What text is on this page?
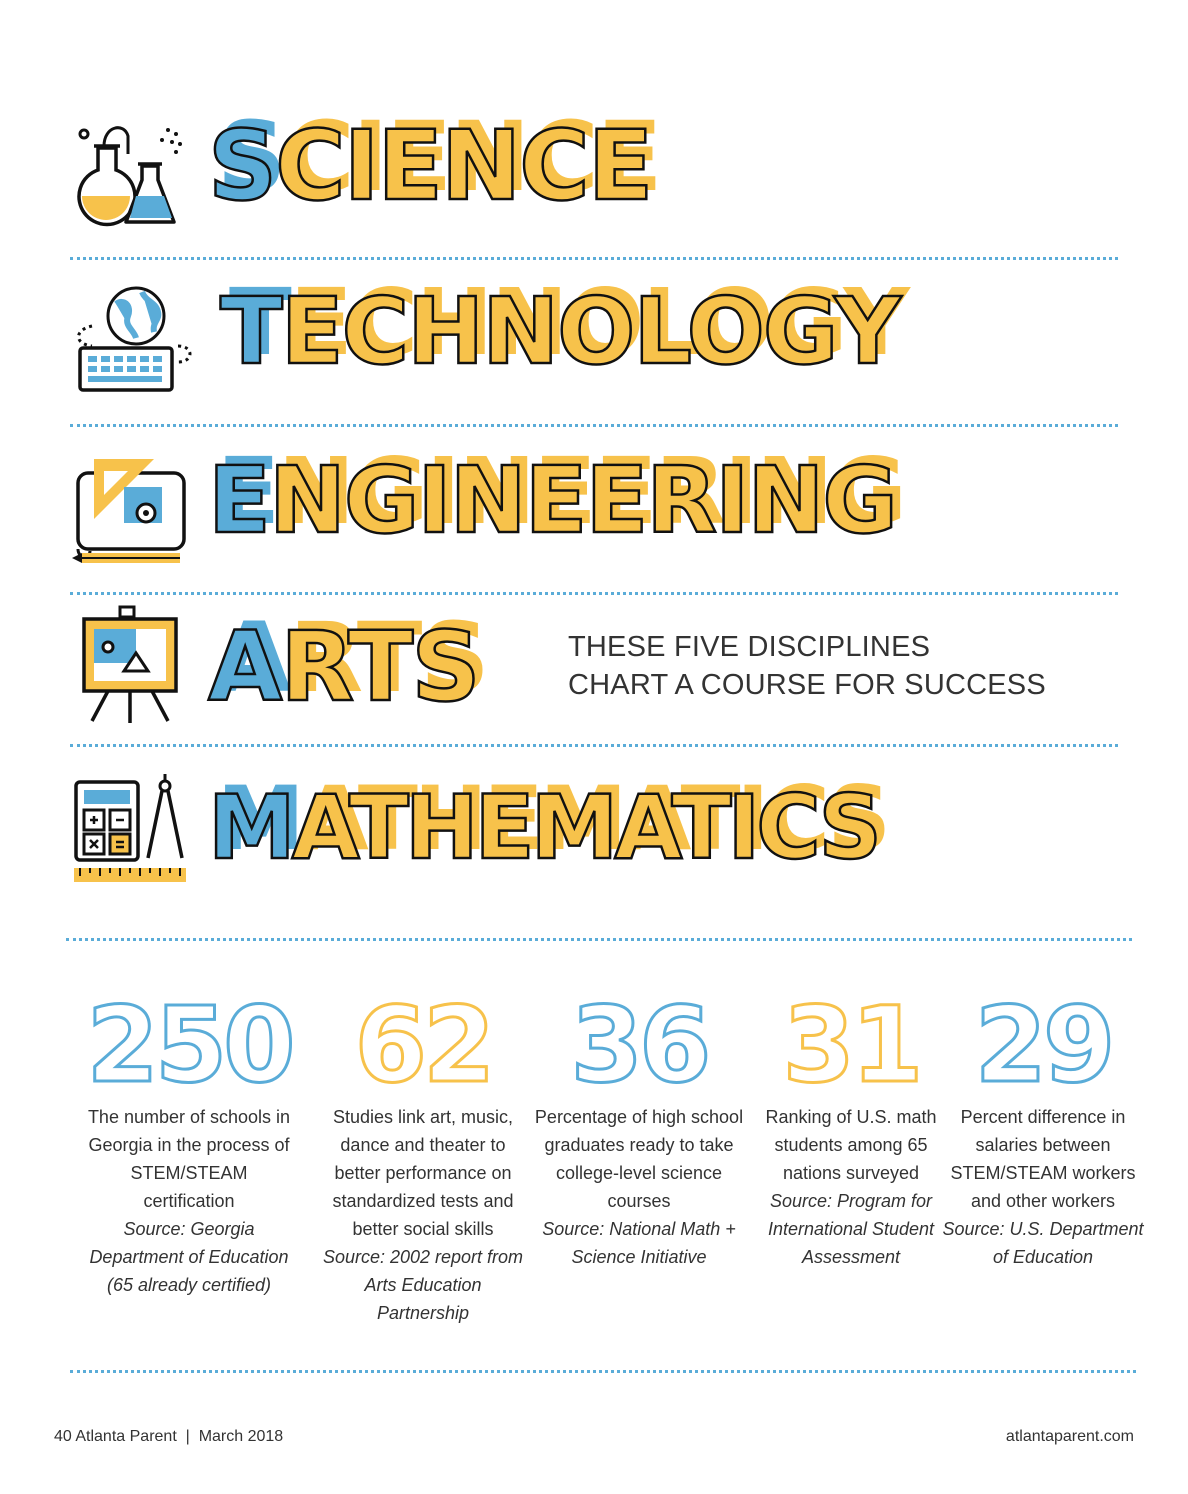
SCIENCE
TECHNOLOGY
ENGINEERING
ARTS	THESE FIVE DISCIPLINES
CHART A COURSE FOR SUCCESS
MATHEMATICS
250
The number of schools in Georgia in the process of STEM/STEAM certification
Source: Georgia Department of Education (65 already certified)
62
Studies link art, music, dance and theater to better performance on standardized tests and better social skills
Source: 2002 report from Arts Education Partnership
36
Percentage of high school graduates ready to take college-level science courses
Source: National Math + Science Initiative
31
Ranking of U.S. math students among 65 nations surveyed
Source: Program for International Student Assessment
29
Percent difference in salaries between STEM/STEAM workers and other workers
Source: U.S. Department of Education
40 Atlanta Parent  |  March 2018	atlantaparent.com
